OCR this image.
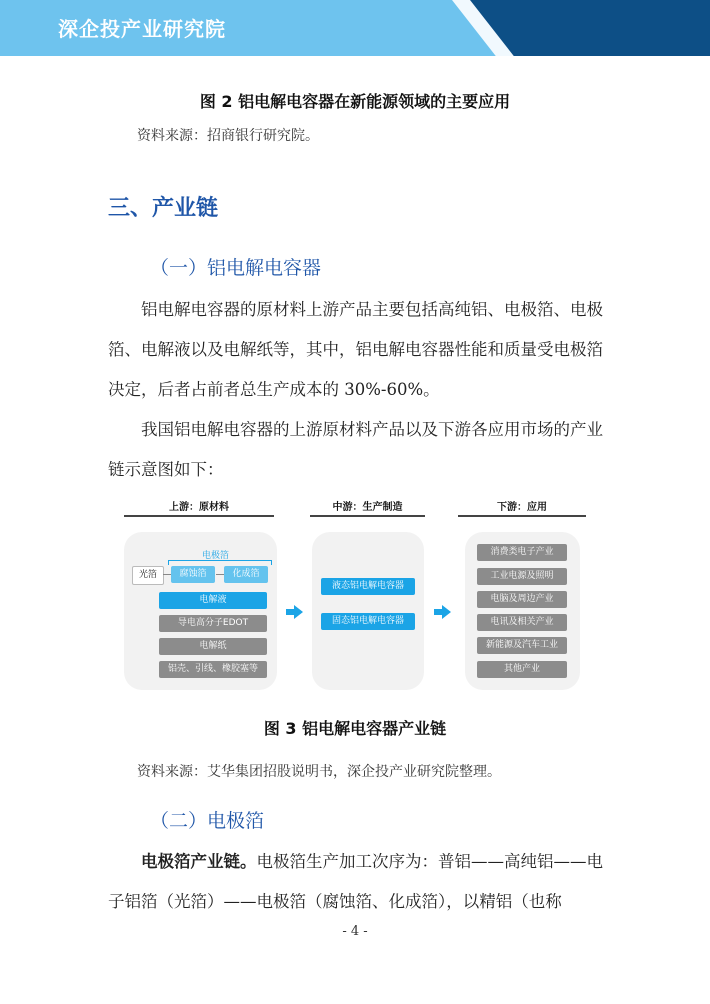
深企投产业研究院
图 2 铝电解电容器在新能源领域的主要应用
资料来源：招商银行研究院。
三、产业链
（一）铝电解电容器

铝电解电容器的原材料上游产品主要包括高纯铝、电极箔、电极箔、电解液以及电解纸等，其中，铝电解电容器性能和质量受电极箔决定，后者占前者总生产成本的 30%-60%。

我国铝电解电容器的上游原材料产品以及下游各应用市场的产业链示意图如下：

上游：原材料
电极箔
光箔	腐蚀箔	化成箔
电解液
导电高分子EDOT
电解纸
铝壳、引线、橡胶塞等
中游：生产制造
液态铝电解电容器
固态铝电解电容器
下游：应用
消费类电子产业
工业电源及照明
电脑及周边产业
电讯及相关产业
新能源及汽车工业
其他产业
图 3 铝电解电容器产业链
资料来源：艾华集团招股说明书，深企投产业研究院整理。
（二）电极箔

电极箔产业链。电极箔生产加工次序为：普铝——高纯铝——电子铝箔（光箔）——电极箔（腐蚀箔、化成箔），以精铝（也称

- 4 -
